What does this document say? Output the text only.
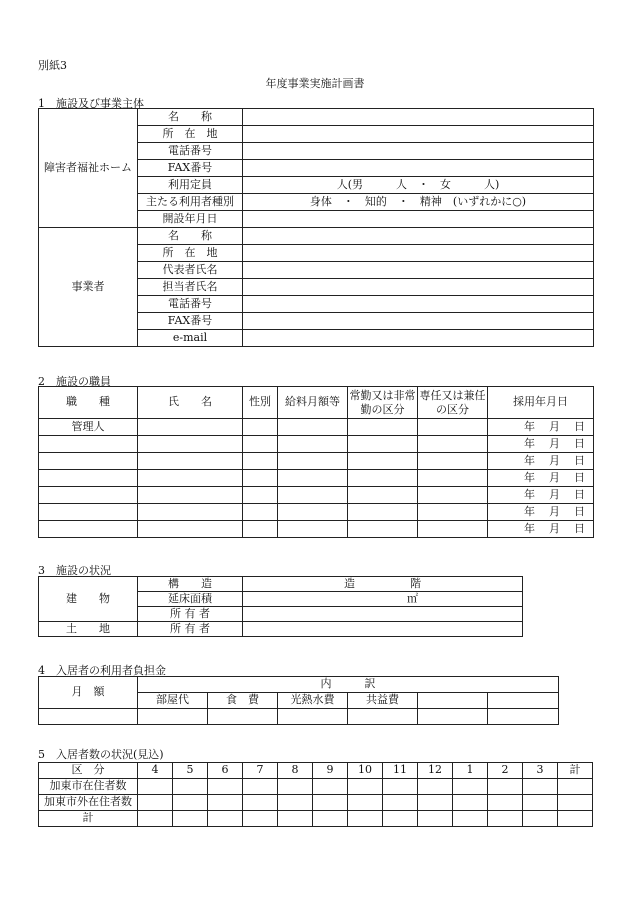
別紙3
年度事業実施計画書
1　施設及び事業主体
障害者福祉ホーム	名　　称	
	所　在　地	
	電話番号	
	FAX番号	
	利用定員	人(男　　　人　・　女　　　人)
	主たる利用者種別	身体　・　知的　・　精神　(いずれかに○)
	開設年月日	
事業者	名　　称	
	所　在　地	
	代表者氏名	
	担当者氏名	
	電話番号	
	FAX番号	
	e-mail	
2　施設の職員
職　　種	氏　　名	性別	給料月額等	常勤又は非常勤の区分	専任又は兼任の区分	採用年月日
管理人						年 月 日

						年 月 日

						年 月 日

						年 月 日

						年 月 日

						年 月 日

						年 月 日
3　施設の状況
建　　物	構　　造	造　　　　　階
	延床面積	㎡
	所 有 者	
土　　地	所 有 者	
4　入居者の利用者負担金
月　額	内　　　訳					
	部屋代	食　費	光熱水費	共益費		

5　入居者数の状況(見込)
区　分	4	5	6	7	8	9	10	11	12	1	2	3	計
加東市在住者数													
加東市外在住者数													
計													
